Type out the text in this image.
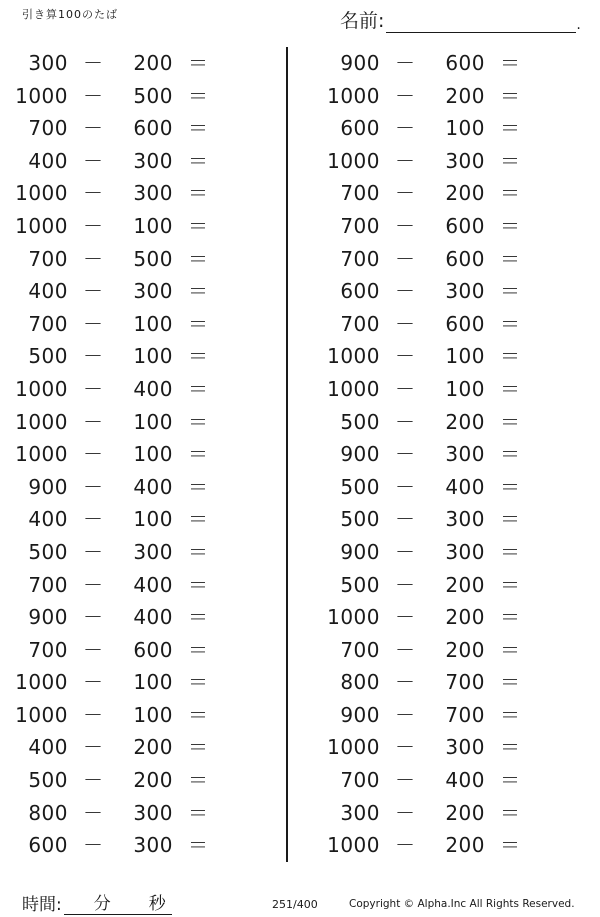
引き算100のたば	名前:	.
300 －	200 ＝
1000 －	500 ＝
700 －	600 ＝
400 －	300 ＝
1000 －	300 ＝
1000 －	100 ＝
700 －	500 ＝
400 －	300 ＝
700 －	100 ＝
500 －	100 ＝
1000 －	400 ＝
1000 －	100 ＝
1000 －	100 ＝
900 －	400 ＝
400 －	100 ＝
500 －	300 ＝
700 －	400 ＝
900 －	400 ＝
700 －	600 ＝
1000 －	100 ＝
1000 －	100 ＝
400 －	200 ＝
500 －	200 ＝
800 －	300 ＝
600 －	300 ＝
900 －	600 ＝
1000 －	200 ＝
600 －	100 ＝
1000 －	300 ＝
700 －	200 ＝
700 －	600 ＝
700 －	600 ＝
600 －	300 ＝
700 －	600 ＝
1000 －	100 ＝
1000 －	100 ＝
500 －	200 ＝
900 －	300 ＝
500 －	400 ＝
500 －	300 ＝
900 －	300 ＝
500 －	200 ＝
1000 －	200 ＝
700 －	200 ＝
800 －	700 ＝
900 －	700 ＝
1000 －	300 ＝
700 －	400 ＝
300 －	200 ＝
1000 －	200 ＝
時間: 分 秒	251/400	Copyright © Alpha.Inc All Rights Reserved.
